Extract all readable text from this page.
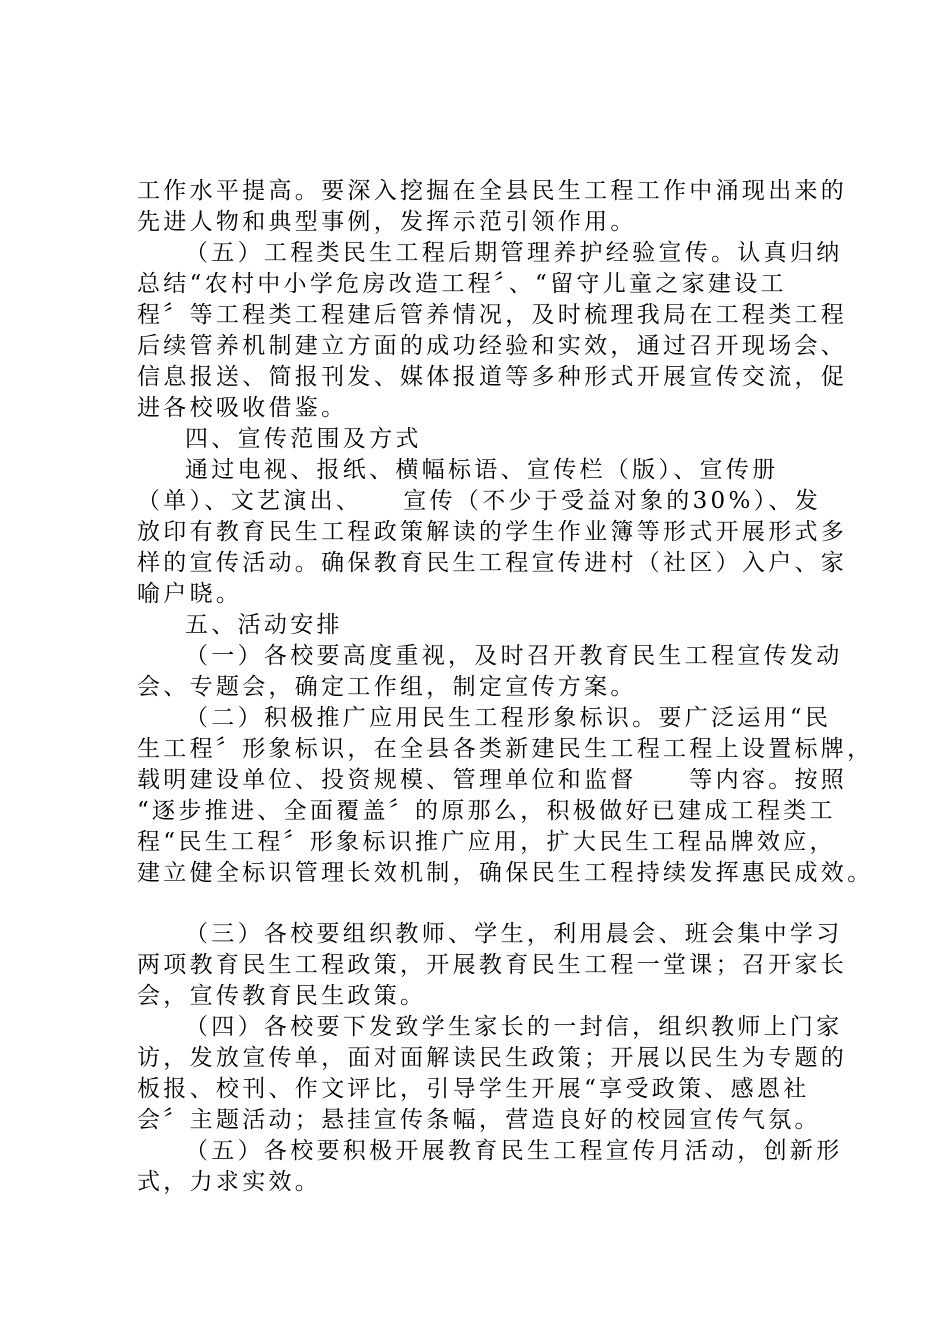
工作水平提高。要深入挖掘在全县民生工程工作中涌现出来的
先进人物和典型事例，发挥示范引领作用。
（五）工程类民生工程后期管理养护经验宣传。认真归纳
总结“农村中小学危房改造工程〞、“留守儿童之家建设工
程〞等工程类工程建后管养情况，及时梳理我局在工程类工程
后续管养机制建立方面的成功经验和实效，通过召开现场会、
信息报送、简报刊发、媒体报道等多种形式开展宣传交流，促
进各校吸收借鉴。
四、宣传范围及方式
通过电视、报纸、横幅标语、宣传栏（版）、宣传册
（单）、文艺演出、　　宣传（不少于受益对象的30%）、发
放印有教育民生工程政策解读的学生作业簿等形式开展形式多
样的宣传活动。确保教育民生工程宣传进村（社区）入户、家
喻户晓。
五、活动安排
（一）各校要高度重视，及时召开教育民生工程宣传发动
会、专题会，确定工作组，制定宣传方案。
（二）积极推广应用民生工程形象标识。要广泛运用“民
生工程〞形象标识，在全县各类新建民生工程工程上设置标牌，
载明建设单位、投资规模、管理单位和监督　　等内容。按照
“逐步推进、全面覆盖〞的原那么，积极做好已建成工程类工
程“民生工程〞形象标识推广应用，扩大民生工程品牌效应，
建立健全标识管理长效机制，确保民生工程持续发挥惠民成效。
（三）各校要组织教师、学生，利用晨会、班会集中学习
两项教育民生工程政策，开展教育民生工程一堂课；召开家长
会，宣传教育民生政策。
（四）各校要下发致学生家长的一封信，组织教师上门家
访，发放宣传单，面对面解读民生政策；开展以民生为专题的
板报、校刊、作文评比，引导学生开展“享受政策、感恩社
会〞主题活动；悬挂宣传条幅，营造良好的校园宣传气氛。
（五）各校要积极开展教育民生工程宣传月活动，创新形
式，力求实效。
